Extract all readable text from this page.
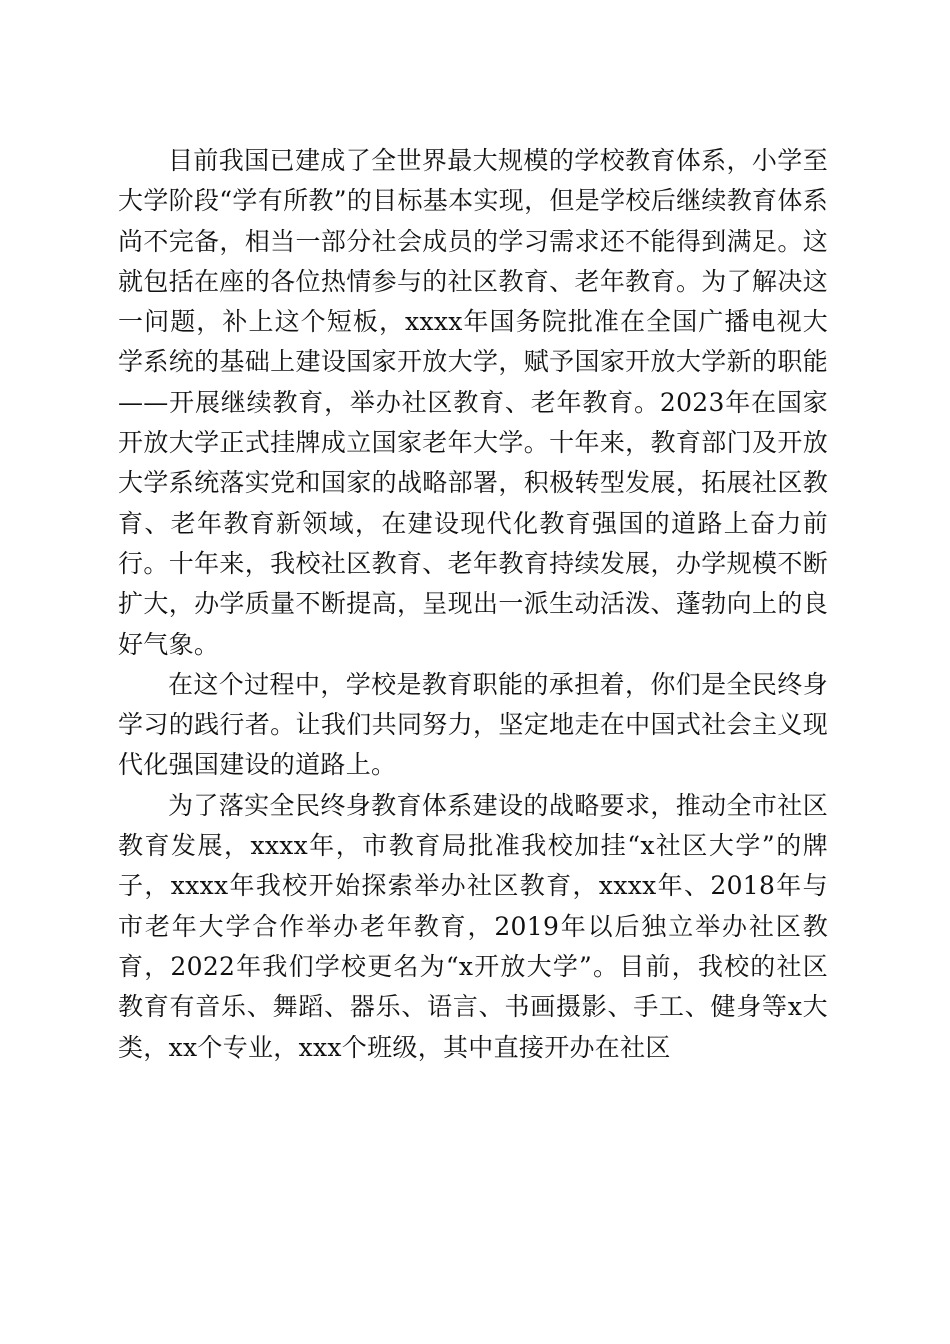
目前我国已建成了全世界最大规模的学校教育体系，小学至大学阶段“学有所教”的目标基本实现，但是学校后继续教育体系尚不完备，相当一部分社会成员的学习需求还不能得到满足。这就包括在座的各位热情参与的社区教育、老年教育。为了解决这一问题，补上这个短板，xxxx年国务院批准在全国广播电视大学系统的基础上建设国家开放大学，赋予国家开放大学新的职能——开展继续教育，举办社区教育、老年教育。2023年在国家开放大学正式挂牌成立国家老年大学。十年来，教育部门及开放大学系统落实党和国家的战略部署，积极转型发展，拓展社区教育、老年教育新领域，在建设现代化教育强国的道路上奋力前行。十年来，我校社区教育、老年教育持续发展，办学规模不断扩大，办学质量不断提高，呈现出一派生动活泼、蓬勃向上的良好气象。

在这个过程中，学校是教育职能的承担着，你们是全民终身学习的践行者。让我们共同努力，坚定地走在中国式社会主义现代化强国建设的道路上。

为了落实全民终身教育体系建设的战略要求，推动全市社区教育发展，xxxx年，市教育局批准我校加挂“x社区大学”的牌子，xxxx年我校开始探索举办社区教育，xxxx年、2018年与市老年大学合作举办老年教育，2019年以后独立举办社区教育，2022年我们学校更名为“x开放大学”。目前，我校的社区教育有音乐、舞蹈、器乐、语言、书画摄影、手工、健身等x大类，xx个专业，xxx个班级，其中直接开办在社区
